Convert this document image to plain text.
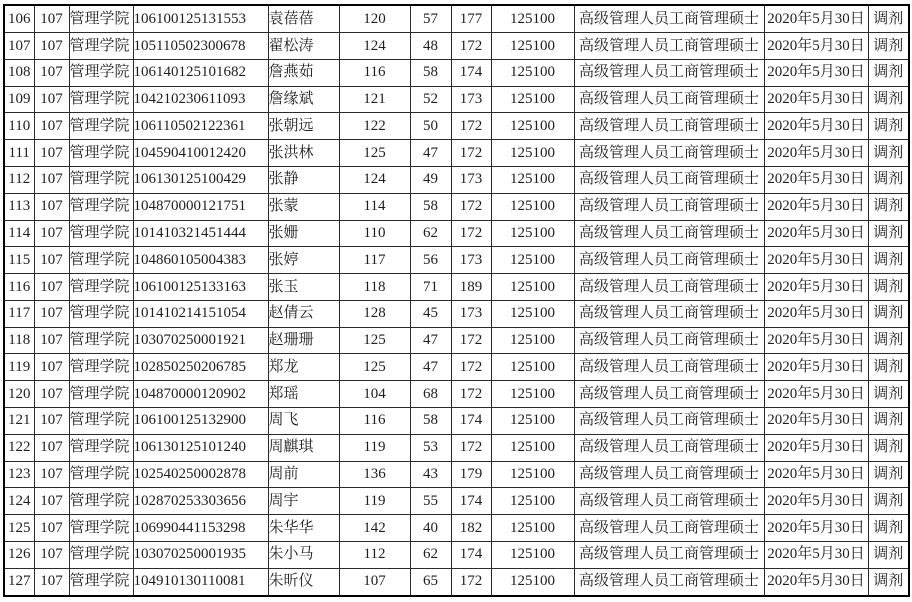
106	107	管理学院	106100125131553	袁蓓蓓	120	57	177	125100	高级管理人员工商管理硕士	2020年5月30日	调剂
107	107	管理学院	105110502300678	翟松涛	124	48	172	125100	高级管理人员工商管理硕士	2020年5月30日	调剂
108	107	管理学院	106140125101682	詹燕茹	116	58	174	125100	高级管理人员工商管理硕士	2020年5月30日	调剂
109	107	管理学院	104210230611093	詹缘斌	121	52	173	125100	高级管理人员工商管理硕士	2020年5月30日	调剂
110	107	管理学院	106110502122361	张朝远	122	50	172	125100	高级管理人员工商管理硕士	2020年5月30日	调剂
111	107	管理学院	104590410012420	张洪林	125	47	172	125100	高级管理人员工商管理硕士	2020年5月30日	调剂
112	107	管理学院	106130125100429	张静	124	49	173	125100	高级管理人员工商管理硕士	2020年5月30日	调剂
113	107	管理学院	104870000121751	张蒙	114	58	172	125100	高级管理人员工商管理硕士	2020年5月30日	调剂
114	107	管理学院	101410321451444	张姗	110	62	172	125100	高级管理人员工商管理硕士	2020年5月30日	调剂
115	107	管理学院	104860105004383	张婷	117	56	173	125100	高级管理人员工商管理硕士	2020年5月30日	调剂
116	107	管理学院	106100125133163	张玉	118	71	189	125100	高级管理人员工商管理硕士	2020年5月30日	调剂
117	107	管理学院	101410214151054	赵倩云	128	45	173	125100	高级管理人员工商管理硕士	2020年5月30日	调剂
118	107	管理学院	103070250001921	赵珊珊	125	47	172	125100	高级管理人员工商管理硕士	2020年5月30日	调剂
119	107	管理学院	102850250206785	郑龙	125	47	172	125100	高级管理人员工商管理硕士	2020年5月30日	调剂
120	107	管理学院	104870000120902	郑瑶	104	68	172	125100	高级管理人员工商管理硕士	2020年5月30日	调剂
121	107	管理学院	106100125132900	周飞	116	58	174	125100	高级管理人员工商管理硕士	2020年5月30日	调剂
122	107	管理学院	106130125101240	周麒琪	119	53	172	125100	高级管理人员工商管理硕士	2020年5月30日	调剂
123	107	管理学院	102540250002878	周前	136	43	179	125100	高级管理人员工商管理硕士	2020年5月30日	调剂
124	107	管理学院	102870253303656	周宇	119	55	174	125100	高级管理人员工商管理硕士	2020年5月30日	调剂
125	107	管理学院	106990441153298	朱华华	142	40	182	125100	高级管理人员工商管理硕士	2020年5月30日	调剂
126	107	管理学院	103070250001935	朱小马	112	62	174	125100	高级管理人员工商管理硕士	2020年5月30日	调剂
127	107	管理学院	104910130110081	朱昕仪	107	65	172	125100	高级管理人员工商管理硕士	2020年5月30日	调剂
